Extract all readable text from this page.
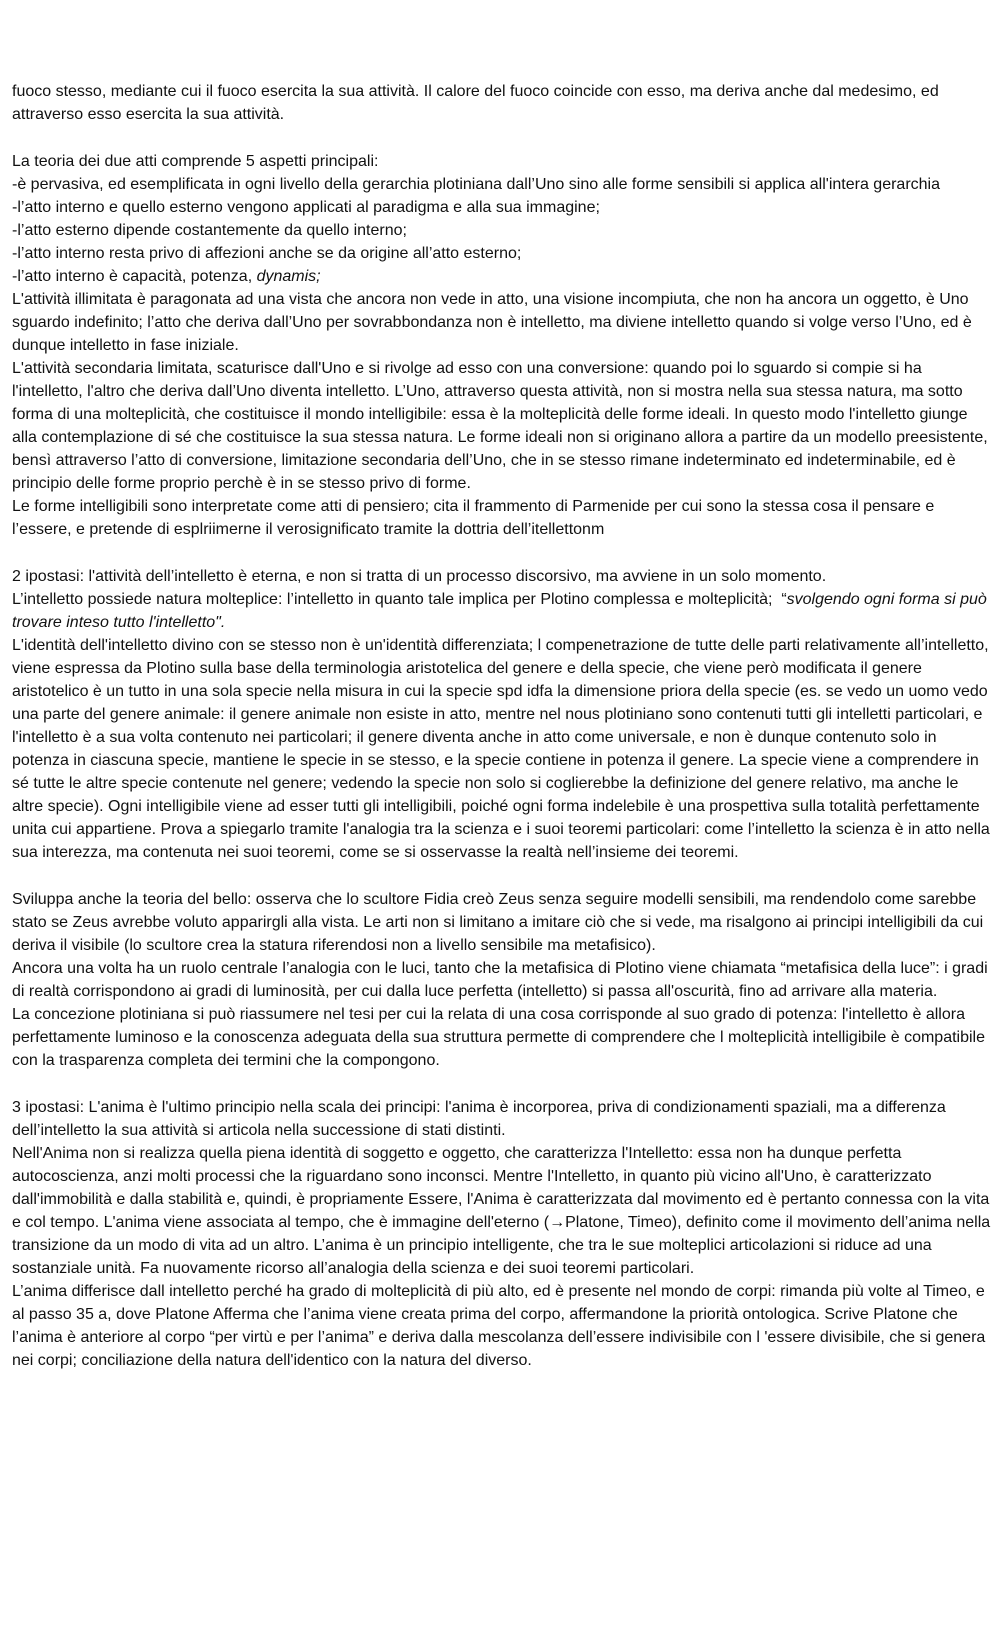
fuoco stesso, mediante cui il fuoco esercita la sua attività. Il calore del fuoco coincide con esso, ma deriva anche dal medesimo, ed attraverso esso esercita la sua attività.

La teoria dei due atti comprende 5 aspetti principali:

-è pervasiva, ed esemplificata in ogni livello della gerarchia plotiniana dall’Uno sino alle forme sensibili si applica all'intera gerarchia

-l’atto interno e quello esterno vengono applicati al paradigma e alla sua immagine;

-l’atto esterno dipende costantemente da quello interno;

-l’atto interno resta privo di affezioni anche se da origine all’atto esterno;

-l’atto interno è capacità, potenza, dynamis;

L'attività illimitata è paragonata ad una vista che ancora non vede in atto, una visione incompiuta, che non ha ancora un oggetto, è Uno sguardo indefinito; l’atto che deriva dall’Uno per sovrabbondanza non è intelletto, ma diviene intelletto quando si volge verso l’Uno, ed è dunque intelletto in fase iniziale.

L'attività secondaria limitata, scaturisce dall'Uno e si rivolge ad esso con una conversione: quando poi lo sguardo si compie si ha l'intelletto, l'altro che deriva dall’Uno diventa intelletto. L’Uno, attraverso questa attività, non si mostra nella sua stessa natura, ma sotto forma di una molteplicità, che costituisce il mondo intelligibile: essa è la molteplicità delle forme ideali. In questo modo l'intelletto giunge alla contemplazione di sé che costituisce la sua stessa natura. Le forme ideali non si originano allora a partire da un modello preesistente, bensì attraverso l’atto di conversione, limitazione secondaria dell’Uno, che in se stesso rimane indeterminato ed indeterminabile, ed è principio delle forme proprio perchè è in se stesso privo di forme.

Le forme intelligibili sono interpretate come atti di pensiero; cita il frammento di Parmenide per cui sono la stessa cosa il pensare e l’essere, e pretende di esplriimerne il verosignificato tramite la dottria dell’itellettonm

2 ipostasi: l'attività dell’intelletto è eterna, e non si tratta di un processo discorsivo, ma avviene in un solo momento.

L’intelletto possiede natura molteplice: l’intelletto in quanto tale implica per Plotino complessa e molteplicità;  “svolgendo ogni forma si può trovare inteso tutto l'intelletto".

L'identità dell'intelletto divino con se stesso non è un'identità differenziata; l compenetrazione de tutte delle parti relativamente all’intelletto, viene espressa da Plotino sulla base della terminologia aristotelica del genere e della specie, che viene però modificata il genere aristotelico è un tutto in una sola specie nella misura in cui la specie spd idfa la dimensione priora della specie (es. se vedo un uomo vedo una parte del genere animale: il genere animale non esiste in atto, mentre nel nous plotiniano sono contenuti tutti gli intelletti particolari, e l'intelletto è a sua volta contenuto nei particolari; il genere diventa anche in atto come universale, e non è dunque contenuto solo in potenza in ciascuna specie, mantiene le specie in se stesso, e la specie contiene in potenza il genere. La specie viene a comprendere in sé tutte le altre specie contenute nel genere; vedendo la specie non solo si coglierebbe la definizione del genere relativo, ma anche le altre specie). Ogni intelligibile viene ad esser tutti gli intelligibili, poiché ogni forma indelebile è una prospettiva sulla totalità perfettamente unita cui appartiene. Prova a spiegarlo tramite l'analogia tra la scienza e i suoi teoremi particolari: come l’intelletto la scienza è in atto nella sua interezza, ma contenuta nei suoi teoremi, come se si osservasse la realtà nell’insieme dei teoremi.

Sviluppa anche la teoria del bello: osserva che lo scultore Fidia creò Zeus senza seguire modelli sensibili, ma rendendolo come sarebbe stato se Zeus avrebbe voluto apparirgli alla vista. Le arti non si limitano a imitare ciò che si vede, ma risalgono ai principi intelligibili da cui deriva il visibile (lo scultore crea la statura riferendosi non a livello sensibile ma metafisico).

Ancora una volta ha un ruolo centrale l’analogia con le luci, tanto che la metafisica di Plotino viene chiamata “metafisica della luce”: i gradi di realtà corrispondono ai gradi di luminosità, per cui dalla luce perfetta (intelletto) si passa all'oscurità, fino ad arrivare alla materia.

La concezione plotiniana si può riassumere nel tesi per cui la relata di una cosa corrisponde al suo grado di potenza: l'intelletto è allora perfettamente luminoso e la conoscenza adeguata della sua struttura permette di comprendere che l molteplicità intelligibile è compatibile con la trasparenza completa dei termini che la compongono.

3 ipostasi: L'anima è l'ultimo principio nella scala dei principi: l'anima è incorporea, priva di condizionamenti spaziali, ma a differenza dell’intelletto la sua attività si articola nella successione di stati distinti.

Nell'Anima non si realizza quella piena identità di soggetto e oggetto, che caratterizza l'Intelletto: essa non ha dunque perfetta autocoscienza, anzi molti processi che la riguardano sono inconsci. Mentre l'Intelletto, in quanto più vicino all'Uno, è caratterizzato dall'immobilità e dalla stabilità e, quindi, è propriamente Essere, l'Anima è caratterizzata dal movimento ed è pertanto connessa con la vita e col tempo. L'anima viene associata al tempo, che è immagine dell'eterno (→Platone, Timeo), definito come il movimento dell’anima nella transizione da un modo di vita ad un altro. L’anima è un principio intelligente, che tra le sue molteplici articolazioni si riduce ad una sostanziale unità. Fa nuovamente ricorso all’analogia della scienza e dei suoi teoremi particolari.

L’anima differisce dall intelletto perché ha grado di molteplicità di più alto, ed è presente nel mondo de corpi: rimanda più volte al Timeo, e al passo 35 a, dove Platone Afferma che l’anima viene creata prima del corpo, affermandone la priorità ontologica. Scrive Platone che l’anima è anteriore al corpo “per virtù e per l’anima” e deriva dalla mescolanza dell’essere indivisibile con l 'essere divisibile, che si genera nei corpi; conciliazione della natura dell'identico con la natura del diverso.
